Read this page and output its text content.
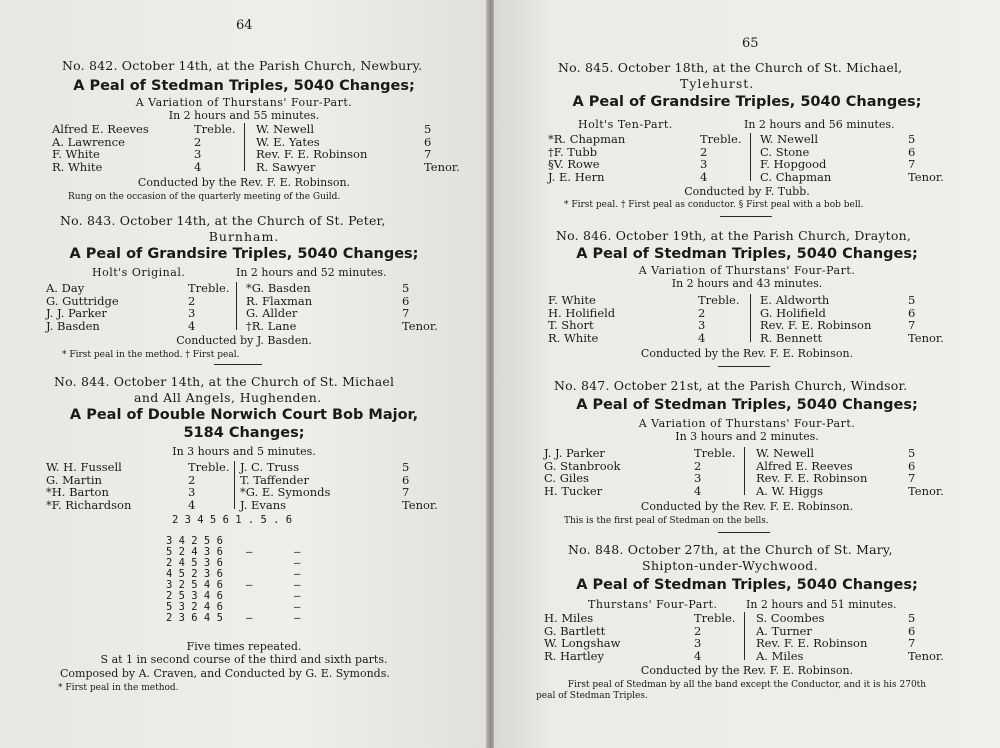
64
No. 842. October 14th, at the Parish Church, Newbury.
A Peal of Stedman Triples, 5040 Changes;
A Variation of Thurstans' Four-Part.
In 2 hours and 55 minutes.
Alfred E. Reeves	Treble. W. Newell	5
A. Lawrence	2	W. E. Yates	6
F. White	3	Rev. F. E. Robinson	7
R. White	4	R. Sawyer	Tenor.
Conducted by the Rev. F. E. Robinson.
Rung on the occasion of the quarterly meeting of the Guild.
No. 843. October 14th, at the Church of St. Peter,
Burnham.
A Peal of Grandsire Triples, 5040 Changes;
Holt's Original.	In 2 hours and 52 minutes.
A. Day	Treble. *G. Basden	5
G. Guttridge	2	R. Flaxman	6
J. J. Parker	3	G. Allder	7
J. Basden	4	†R. Lane	Tenor.
Conducted by J. Basden.
* First peal in the method. † First peal.
No. 844. October 14th, at the Church of St. Michael
and All Angels, Hughenden.
A Peal of Double Norwich Court Bob Major,
5184 Changes;
In 3 hours and 5 minutes.
W. H. Fussell	Treble. J. C. Truss	5
G. Martin	2	T. Taffender	6
*H. Barton	3	*G. E. Symonds	7
*F. Richardson	4	J. Evans	Tenor.
2 3 4 5 6 1 . 5 . 6
3 4 2 5 6
5 2 4 3 6 —	—
2 4 5 3 6	—
4 5 2 3 6	—
3 2 5 4 6 —	—
2 5 3 4 6	—
5 3 2 4 6	—
2 3 6 4 5 —	—
Five times repeated.
S at 1 in second course of the third and sixth parts.
Composed by A. Craven, and Conducted by G. E. Symonds.
* First peal in the method.
65
No. 845. October 18th, at the Church of St. Michael,
Tylehurst.
A Peal of Grandsire Triples, 5040 Changes;
Holt's Ten-Part.	In 2 hours and 56 minutes.
*R. Chapman	Treble. W. Newell	5
†F. Tubb	2	C. Stone	6
§V. Rowe	3	F. Hopgood	7
J. E. Hern	4	C. Chapman	Tenor.
Conducted by F. Tubb.
* First peal. † First peal as conductor. § First peal with a bob bell.
No. 846. October 19th, at the Parish Church, Drayton,
A Peal of Stedman Triples, 5040 Changes;
A Variation of Thurstans' Four-Part.
In 2 hours and 43 minutes.
F. White	Treble. E. Aldworth	5
H. Holifield	2	G. Holifield	6
T. Short	3	Rev. F. E. Robinson	7
R. White	4	R. Bennett	Tenor.
Conducted by the Rev. F. E. Robinson.
No. 847. October 21st, at the Parish Church, Windsor.
A Peal of Stedman Triples, 5040 Changes;
A Variation of Thurstans' Four-Part.
In 3 hours and 2 minutes.
J. J. Parker	Treble. W. Newell	5
G. Stanbrook	2	Alfred E. Reeves	6
C. Giles	3	Rev. F. E. Robinson	7
H. Tucker	4	A. W. Higgs	Tenor.
Conducted by the Rev. F. E. Robinson.
This is the first peal of Stedman on the bells.
No. 848. October 27th, at the Church of St. Mary,
Shipton-under-Wychwood.
A Peal of Stedman Triples, 5040 Changes;
Thurstans' Four-Part.	In 2 hours and 51 minutes.
H. Miles	Treble. S. Coombes	5
G. Bartlett	2	A. Turner	6
W. Longshaw	3	Rev. F. E. Robinson	7
R. Hartley	4	A. Miles	Tenor.
Conducted by the Rev. F. E. Robinson.
First peal of Stedman by all the band except the Conductor, and it is his 270th
peal of Stedman Triples.
